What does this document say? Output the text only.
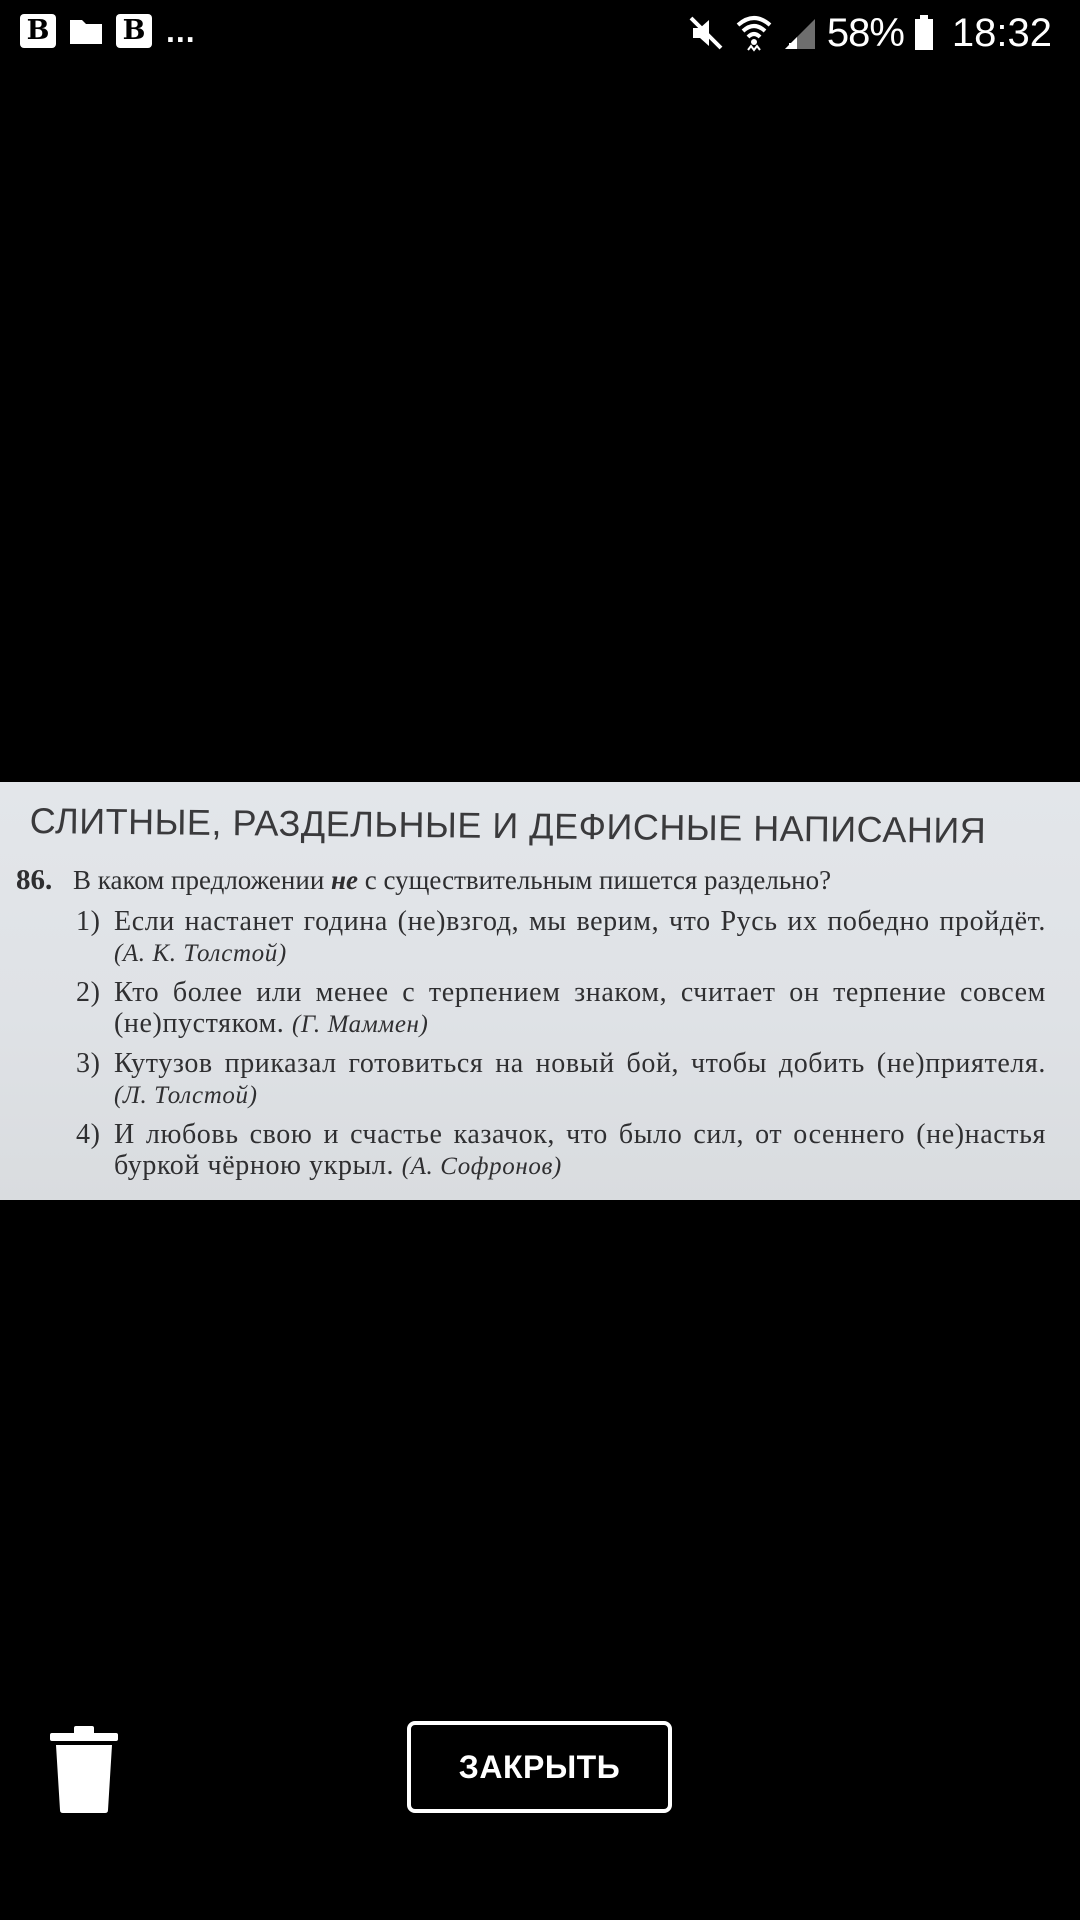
B	B ...	58% 18:32
СЛИТНЫЕ, РАЗДЕЛЬНЫЕ И ДЕФИСНЫЕ НАПИСАНИЯ
86. В каком предложении не с существительным пишется раздельно?
1) Если настанет година (не)взгод, мы верим, что Русь их победно пройдёт. (А. К. Толстой)
2) Кто более или менее с терпением знаком, считает он терпение совсем (не)пустяком. (Г. Маммен)
3) Кутузов приказал готовиться на новый бой, чтобы добить (не)приятеля. (Л. Толстой)
4) И любовь свою и счастье казачок, что было сил, от осеннего (не)настья буркой чёрною укрыл. (А. Софронов)
ЗАКРЫТЬ
